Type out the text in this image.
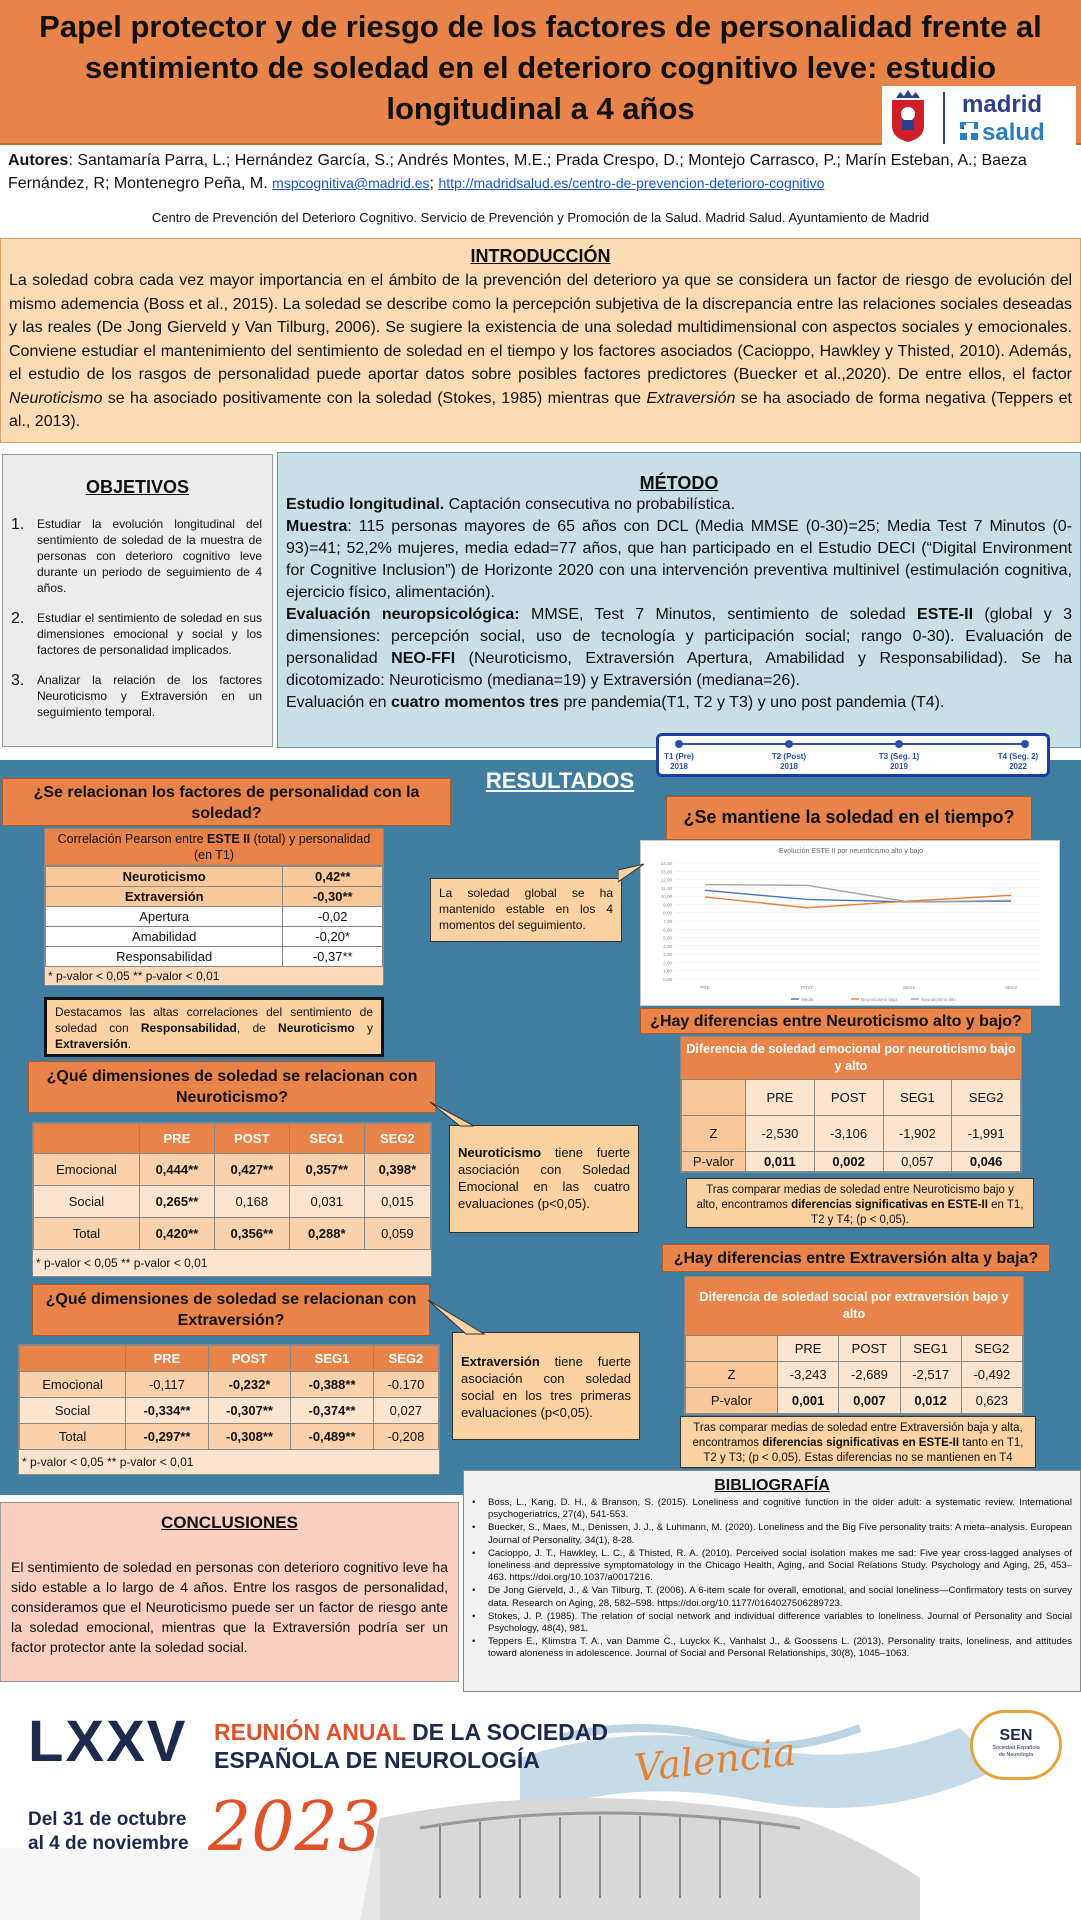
Papel protector y de riesgo de los factores de personalidad frente al sentimiento de soledad en el deterioro cognitivo leve: estudio longitudinal a 4 años	madrid
salud
Autores: Santamaría Parra, L.; Hernández García, S.; Andrés Montes, M.E.; Prada Crespo, D.; Montejo Carrasco, P.; Marín Esteban, A.; Baeza Fernández, R; Montenegro Peña, M. mspcognitiva@madrid.es; http://madridsalud.es/centro-de-prevencion-deterioro-cognitivo
Centro de Prevención del Deterioro Cognitivo. Servicio de Prevención y Promoción de la Salud. Madrid Salud. Ayuntamiento de Madrid
INTRODUCCIÓN

La soledad cobra cada vez mayor importancia en el ámbito de la prevención del deterioro ya que se considera un factor de riesgo de evolución del mismo ademencia (Boss et al., 2015). La soledad se describe como la percepción subjetiva de la discrepancia entre las relaciones sociales deseadas y las reales (De Jong Gierveld y Van Tilburg, 2006). Se sugiere la existencia de una soledad multidimensional con aspectos sociales y emocionales. Conviene estudiar el mantenimiento del sentimiento de soledad en el tiempo y los factores asociados (Cacioppo, Hawkley y Thisted, 2010). Además, el estudio de los rasgos de personalidad puede aportar datos sobre posibles factores predictores (Buecker et al.,2020). De entre ellos, el factor Neuroticismo se ha asociado positivamente con la soledad (Stokes, 1985) mientras que Extraversión se ha asociado de forma negativa (Teppers et al., 2013).

OBJETIVOS
1.	Estudiar la evolución longitudinal del sentimiento de soledad de la muestra de personas con deterioro cognitivo leve durante un periodo de seguimiento de 4 años.
2.	Estudiar el sentimiento de soledad en sus dimensiones emocional y social y los factores de personalidad implicados.
3.	Analizar la relación de los factores Neuroticismo y Extraversión en un seguimiento temporal.
MÉTODO

Estudio longitudinal. Captación consecutiva no probabilística.

Muestra: 115 personas mayores de 65 años con DCL (Media MMSE (0-30)=25; Media Test 7 Minutos (0-93)=41; 52,2% mujeres, media edad=77 años, que han participado en el Estudio DECI (“Digital Environment for Cognitive Inclusion”) de Horizonte 2020 con una intervención preventiva multinivel (estimulación cognitiva, ejercicio físico, alimentación).

Evaluación neuropsicológica: MMSE, Test 7 Minutos, sentimiento de soledad ESTE-II (global y 3 dimensiones: percepción social, uso de tecnología y participación social; rango 0-30). Evaluación de personalidad NEO-FFI (Neuroticismo, Extraversión Apertura, Amabilidad y Responsabilidad). Se ha dicotomizado: Neuroticismo (mediana=19) y Extraversión (mediana=26).

Evaluación en cuatro momentos tres pre pandemia(T1, T2 y T3) y uno post pandemia (T4).

T1 (Pre)
2018
T2 (Post)
2018
T3 (Seg. 1)
2019
T4 (Seg. 2)
2022
RESULTADOS
¿Se relacionan los factores de personalidad con la soledad?
Correlación Pearson entre ESTE II (total) y personalidad (en T1)
Neuroticismo	0,42**
Extraversión	-0,30**
Apertura	-0,02
Amabilidad	-0,20*
Responsabilidad	-0,37**
* p-valor < 0,05 ** p-valor < 0,01
Destacamos las altas correlaciones del sentimiento de soledad con Responsabilidad, de Neuroticismo y Extraversión.
¿Qué dimensiones de soledad se relacionan con Neuroticismo?
	PRE	POST	SEG1	SEG2
Emocional	0,444**	0,427**	0,357**	0,398*
Social	0,265**	0,168	0,031	0,015
Total	0,420**	0,356**	0,288*	0,059
* p-valor < 0,05 ** p-valor < 0,01
Neuroticismo tiene fuerte asociación con Soledad Emocional en las cuatro evaluaciones (p<0,05).
¿Qué dimensiones de soledad se relacionan con Extraversión?
	PRE	POST	SEG1	SEG2
Emocional	-0,117	-0,232*	-0,388**	-0.170
Social	-0,334**	-0,307**	-0,374**	0,027
Total	-0,297**	-0,308**	-0,489**	-0,208
* p-valor < 0,05 ** p-valor < 0,01
Extraversión tiene fuerte asociación con soledad social en los tres primeras evaluaciones (p<0,05).
¿Se mantiene la soledad en el tiempo?
Evolución ESTE II por neuroticismo alto y bajo
0,00
1,00
2,00
3,00
4,00
5,00
6,00
7,00
8,00
9,00
10,00
11,00
12,00
13,00
14,00
PRE	POST	SEG1	SEG2
Media	Neuroticismo bajo	Neuroticismo alto
La soledad global se ha mantenido estable en los 4 momentos del seguimiento.
¿Hay diferencias entre Neuroticismo alto y bajo?
Diferencia de soledad emocional por neuroticismo bajo y alto
	PRE	POST	SEG1	SEG2
Z	-2,530	-3,106	-1,902	-1,991
P-valor	0,011	0,002	0,057	0,046
Tras comparar medias de soledad entre Neuroticismo bajo y alto, encontramos diferencias significativas en ESTE-II en T1, T2 y T4; (p < 0,05).
¿Hay diferencias entre Extraversión alta y baja?
Diferencia de soledad social por extraversión bajo y alto
	PRE	POST	SEG1	SEG2
Z	-3,243	-2,689	-2,517	-0,492
P-valor	0,001	0,007	0,012	0,623
Tras comparar medias de soledad entre Extraversión baja y alta, encontramos diferencias significativas en ESTE-II tanto en T1, T2 y T3; (p < 0,05). Estas diferencias no se mantienen en T4
CONCLUSIONES

El sentimiento de soledad en personas con deterioro cognitivo leve ha sido estable a lo largo de 4 años. Entre los rasgos de personalidad, consideramos que el Neuroticismo puede ser un factor de riesgo ante la soledad emocional, mientras que la Extraversión podría ser un factor protector ante la soledad social.

BIBLIOGRAFÍA
•	Boss, L., Kang, D. H., & Branson, S. (2015). Loneliness and cognitive function in the older adult: a systematic review. International psychogeriatrics, 27(4), 541-553.
•	Buecker, S., Maes, M., Denissen, J. J., & Luhmann, M. (2020). Loneliness and the Big Five personality traits: A meta–analysis. European Journal of Personality, 34(1), 8-28.
•	Cacioppo, J. T., Hawkley, L. C., & Thisted, R. A. (2010). Perceived social isolation makes me sad: Five year cross-lagged analyses of loneliness and depressive symptomatology in the Chicago Health, Aging, and Social Relations Study. Psychology and Aging, 25, 453–463. https://doi.org/10.1037/a0017216.
•	De Jong Gierveld, J., & Van Tilburg, T. (2006). A 6-item scale for overall, emotional, and social loneliness—Confirmatory tests on survey data. Research on Aging, 28, 582–598. https://doi.org/10.1177/0164027506289723.
•	Stokes, J. P. (1985). The relation of social network and individual difference variables to loneliness. Journal of Personality and Social Psychology, 48(4), 981.
•	Teppers E., Klimstra T. A., van Damme C., Luyckx K., Vanhalst J., & Goossens L. (2013). Personality traits, loneliness, and attitudes toward aloneness in adolescence. Journal of Social and Personal Relationships, 30(8), 1045–1063.
LXXV REUNIÓN ANUAL DE LA SOCIEDAD
ESPAÑOLA DE NEUROLOGÍA
Del 31 de octubre
al 4 de noviembre 2023
Valencia	SEN
Sociedad Española de Neurología
